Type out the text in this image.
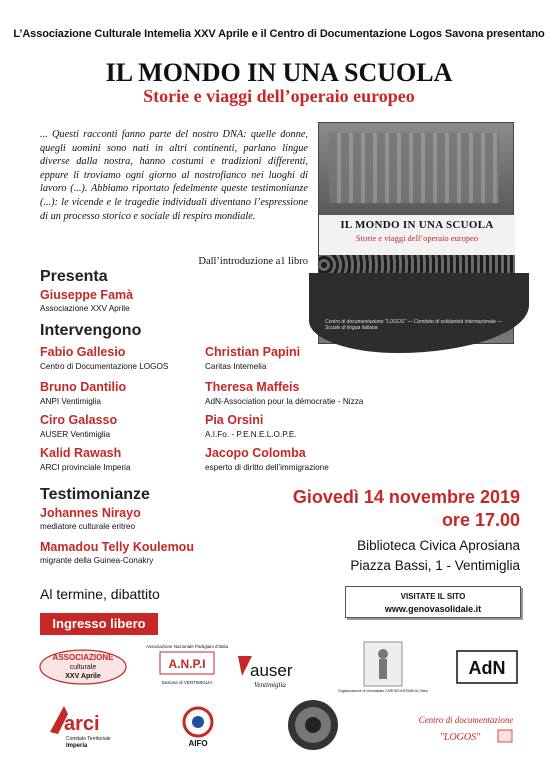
L’Associazione Culturale Intemelia XXV Aprile e il Centro di Documentazione Logos Savona presentano
IL MONDO IN UNA SCUOLA
Storie e viaggi dell’operaio europeo

... Questi racconti fanno parte del nostro DNA: quelle donne, quegli uomini sono nati in altri continenti, parlano lingue diverse dalla nostra, hanno costumi e tradizioni differenti, eppure li troviamo ogni giorno al nostrofianco nei luoghi di lavoro (...). Abbiamo riportato fedelmente queste testimonianze (...): le vicende e le tragedie individuali diventano l’espressione di un processo storico e sociale di respiro mondiale.

Dall’introduzione a1 libro
IL MONDO IN UNA SCUOLA
Storie e viaggi dell’operaio europeo
Centro di documentazione "LOGOS" — Comitato di solidarietà internazionale — Scuole di lingua italiana
Presenta
Giuseppe Famà
Associazione XXV Aprile
Intervengono
Fabio Gallesio
Centro di Documentazione LOGOS
Bruno Dantilio
ANPI Ventimiglia
Ciro Galasso
AUSER Ventimiglia
Kalid Rawash
ARCI provinciale Imperia
Christian Papini
Caritas Intemelia
Theresa Maffeis
AdN-Association pour la démocratie - Nizza
Pia Orsini
A.I.Fo. - P.E.N.E.L.O.P.E.
Jacopo Colomba
esperto di diritto dell’immigrazione
Testimonianze
Johannes Nirayo
mediatore culturale eritreo
Mamadou Telly Koulemou
migrante della Guinea-Conakry
Giovedì 14 novembre 2019
ore 17.00
Biblioteca Civica Aprosiana
Piazza Bassi, 1 - Ventimiglia
VISITATE IL SITO
www.genovasolidale.it
Al termine, dibattito
Ingresso libero
ASSOCIAZIONE
culturale
XXV Aprile
Associazione Nazionale Partigiani d’Italia
A.N.P.I
Sezione di VENTIMIGLIA
auser
Ventimiglia
Organizzazione di Volontariato CARITAS INTEMELIA Onlus
AdN
arci
Comitato Territoriale
Imperia	AIFO
Centro di documentazione
"LOGOS"
